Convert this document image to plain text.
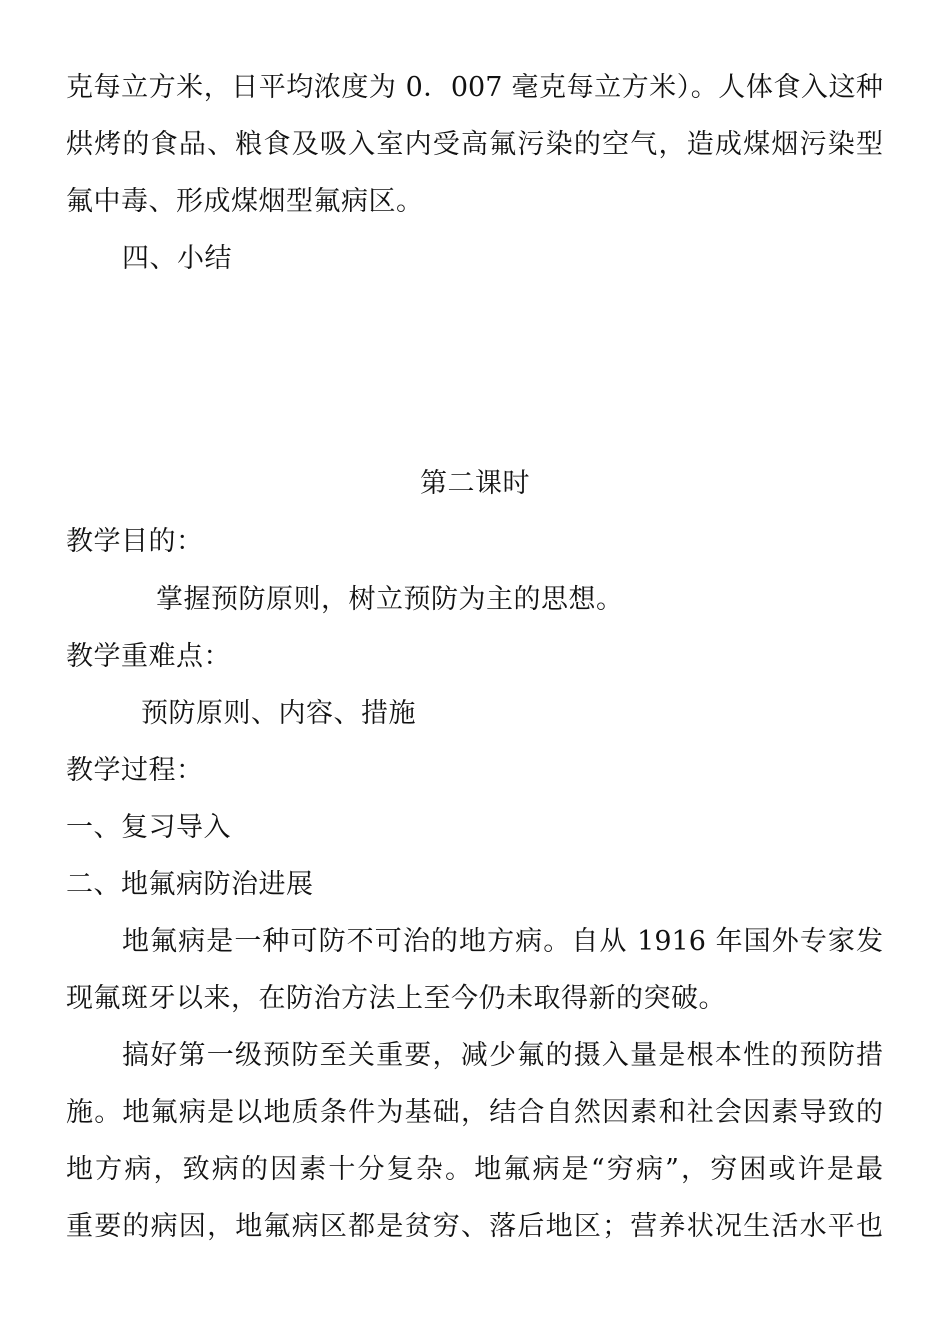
克每立方米，日平均浓度为 0．007 毫克每立方米）。人体食入这种
烘烤的食品、粮食及吸入室内受高氟污染的空气，造成煤烟污染型
氟中毒、形成煤烟型氟病区。
四、小结
第二课时
教学目的：
掌握预防原则，树立预防为主的思想。
教学重难点：
预防原则、内容、措施
教学过程：
一、复习导入
二、地氟病防治进展
地氟病是一种可防不可治的地方病。自从 1916 年国外专家发
现氟斑牙以来，在防治方法上至今仍未取得新的突破。
搞好第一级预防至关重要，减少氟的摄入量是根本性的预防措
施。地氟病是以地质条件为基础，结合自然因素和社会因素导致的
地方病，致病的因素十分复杂。地氟病是“穷病”，穷困或许是最
重要的病因，地氟病区都是贫穷、落后地区；营养状况生活水平也
